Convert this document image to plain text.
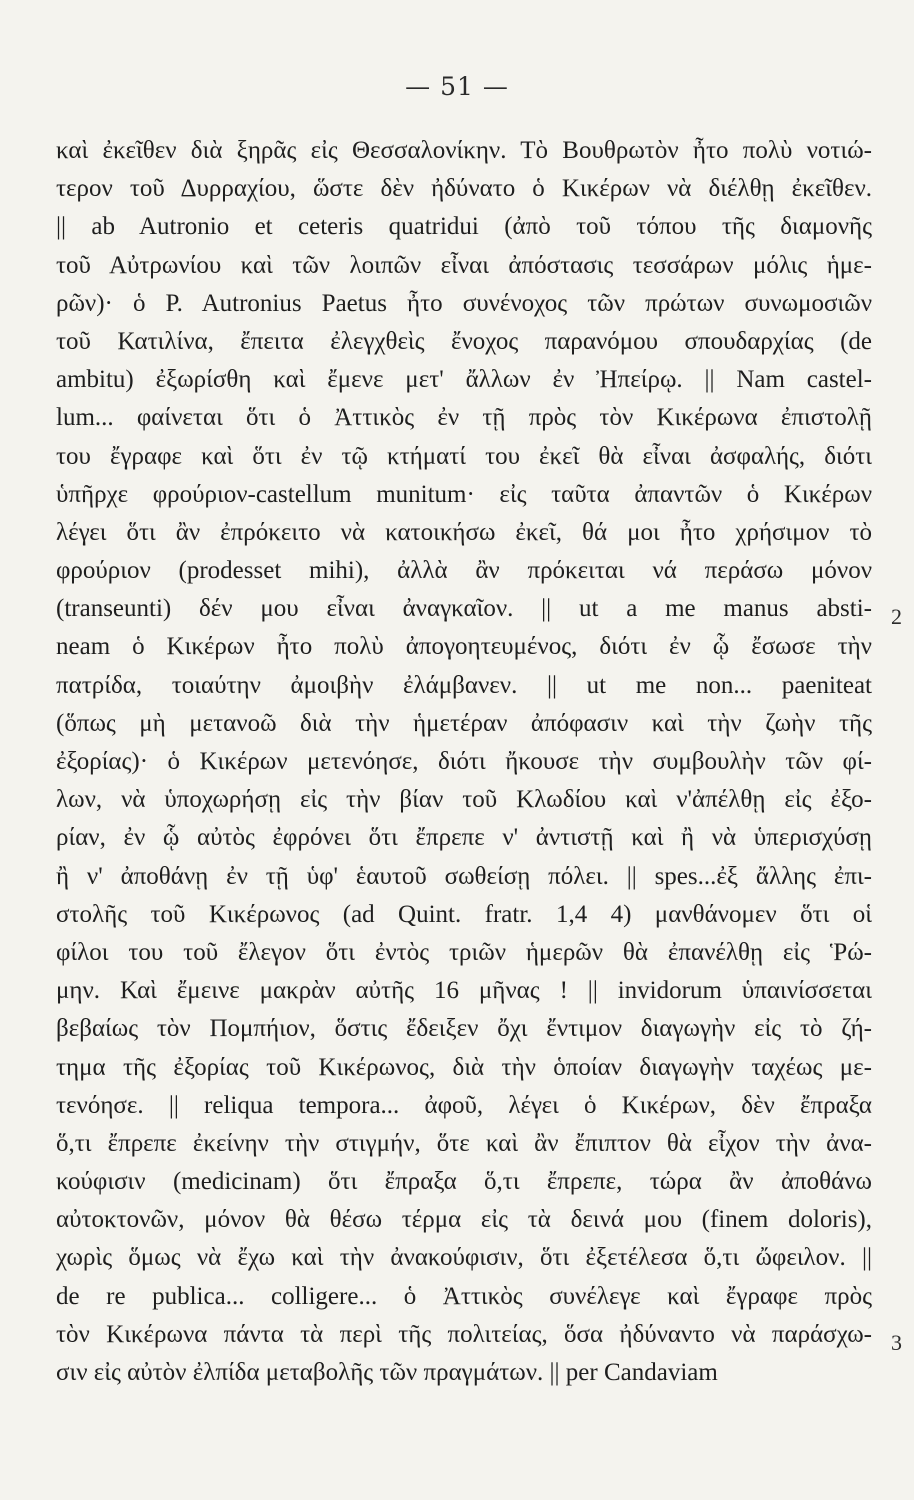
— 51 —
καὶ ἐκεῖθεν διὰ ξηρᾶς εἰς Θεσσαλονίκην. Τὸ Βουθρωτὸν ἦτο πολὺ νοτιώ-
τερον τοῦ Δυρραχίου, ὥστε δὲν ἠδύνατο ὁ Κικέρων νὰ διέλθῃ ἐκεῖθεν.
|| ab Autronio et ceteris quatridui (ἀπὸ τοῦ τόπου τῆς διαμονῆς
τοῦ Αὐτρωνίου καὶ τῶν λοιπῶν εἶναι ἀπόστασις τεσσάρων μόλις ἡμε-
ρῶν)· ὁ P. Autronius Paetus ἦτο συνένοχος τῶν πρώτων συνωμοσιῶν
τοῦ Κατιλίνα, ἔπειτα ἐλεγχθεὶς ἔνοχος παρανόμου σπουδαρχίας (de
ambitu) ἐξωρίσθη καὶ ἔμενε μετ' ἄλλων ἐν Ἠπείρῳ. || Nam castel-
lum... φαίνεται ὅτι ὁ Ἀττικὸς ἐν τῇ πρὸς τὸν Κικέρωνα ἐπιστολῇ
του ἔγραφε καὶ ὅτι ἐν τῷ κτήματί του ἐκεῖ θὰ εἶναι ἀσφαλής, διότι
ὑπῆρχε φρούριον-castellum munitum· εἰς ταῦτα ἀπαντῶν ὁ Κικέρων
λέγει ὅτι ἂν ἐπρόκειτο νὰ κατοικήσω ἐκεῖ, θά μοι ἦτο χρήσιμον τὸ
φρούριον (prodesset mihi), ἀλλὰ ἂν πρόκειται νά περάσω μόνον
(transeunti) δέν μου εἶναι ἀναγκαῖον. || ut a me manus absti-
neam ὁ Κικέρων ἦτο πολὺ ἀπογοητευμένος, διότι ἐν ᾧ ἔσωσε τὴν
πατρίδα, τοιαύτην ἀμοιβὴν ἐλάμβανεν. || ut me non... paeniteat
(ὅπως μὴ μετανοῶ διὰ τὴν ἡμετέραν ἀπόφασιν καὶ τὴν ζωὴν τῆς
ἐξορίας)· ὁ Κικέρων μετενόησε, διότι ἤκουσε τὴν συμβουλὴν τῶν φί-
λων, νὰ ὑποχωρήσῃ εἰς τὴν βίαν τοῦ Κλωδίου καὶ ν'ἀπέλθῃ εἰς ἐξο-
ρίαν, ἐν ᾧ αὐτὸς ἐφρόνει ὅτι ἔπρεπε ν' ἀντιστῇ καὶ ἢ νὰ ὑπερισχύσῃ
ἢ ν' ἀποθάνῃ ἐν τῇ ὑφ' ἑαυτοῦ σωθείσῃ πόλει. || spes...ἐξ ἄλλης ἐπι-
στολῆς τοῦ Κικέρωνος (ad Quint. fratr. 1,4 4) μανθάνομεν ὅτι οἱ
φίλοι του τοῦ ἔλεγον ὅτι ἐντὸς τριῶν ἡμερῶν θὰ ἐπανέλθῃ εἰς Ῥώ-
μην. Καὶ ἔμεινε μακρὰν αὐτῆς 16 μῆνας ! || invidorum ὑπαινίσσεται
βεβαίως τὸν Πομπήιον, ὅστις ἔδειξεν ὄχι ἔντιμον διαγωγὴν εἰς τὸ ζή-
τημα τῆς ἐξορίας τοῦ Κικέρωνος, διὰ τὴν ὁποίαν διαγωγὴν ταχέως με-
τενόησε. || reliqua tempora... ἀφοῦ, λέγει ὁ Κικέρων, δὲν ἔπραξα
ὅ,τι ἔπρεπε ἐκείνην τὴν στιγμήν, ὅτε καὶ ἂν ἔπιπτον θὰ εἶχον τὴν ἀνα-
κούφισιν (medicinam) ὅτι ἔπραξα ὅ,τι ἔπρεπε, τώρα ἂν ἀποθάνω
αὐτοκτονῶν, μόνον θὰ θέσω τέρμα εἰς τὰ δεινά μου (finem doloris),
χωρὶς ὅμως νὰ ἔχω καὶ τὴν ἀνακούφισιν, ὅτι ἐξετέλεσα ὅ,τι ὤφειλον. ||
de re publica... colligere... ὁ Ἀττικὸς συνέλεγε καὶ ἔγραφε πρὸς
τὸν Κικέρωνα πάντα τὰ περὶ τῆς πολιτείας, ὅσα ἠδύναντο νὰ παράσχω-
σιν εἰς αὐτὸν ἐλπίδα μεταβολῆς τῶν πραγμάτων. || per Candaviam
2
3
